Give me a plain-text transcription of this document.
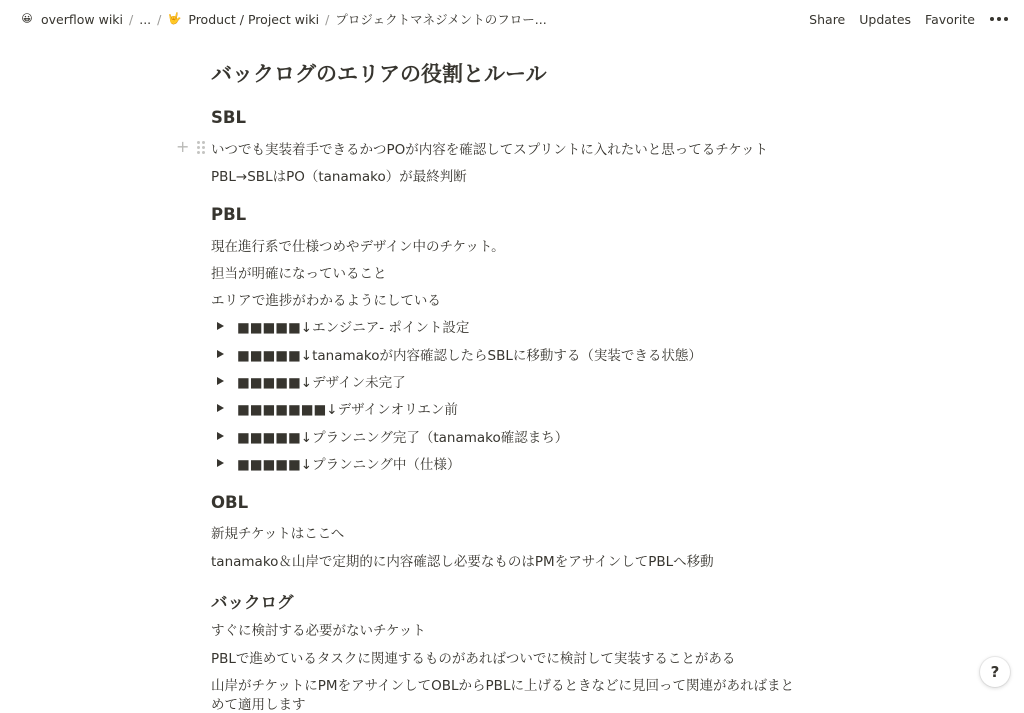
😀 overflow wiki / ... / 🤟 Product / Project wiki / プロジェクトマネジメントのフロー...	Share	Updates	Favorite
+
バックログのエリアの役割とルール
SBL
いつでも実装着手できるかつPOが内容を確認してスプリントに入れたいと思ってるチケット
PBL→SBLはPO（tanamako）が最終判断
PBL
現在進行系で仕様つめやデザイン中のチケット。
担当が明確になっていること
エリアで進捗がわかるようにしている
■■■■■↓エンジニア- ポイント設定
■■■■■↓tanamakoが内容確認したらSBLに移動する（実装できる状態）
■■■■■↓デザイン未完了
■■■■■■■↓デザインオリエン前
■■■■■↓プランニング完了（tanamako確認まち）
■■■■■↓プランニング中（仕様）
OBL
新規チケットはここへ
tanamako＆山岸で定期的に内容確認し必要なものはPMをアサインしてPBLへ移動
バックログ
すぐに検討する必要がないチケット
PBLで進めているタスクに関連するものがあればついでに検討して実装することがある
山岸がチケットにPMをアサインしてOBLからPBLに上げるときなどに見回って関連があればまと
めて適用します
?
